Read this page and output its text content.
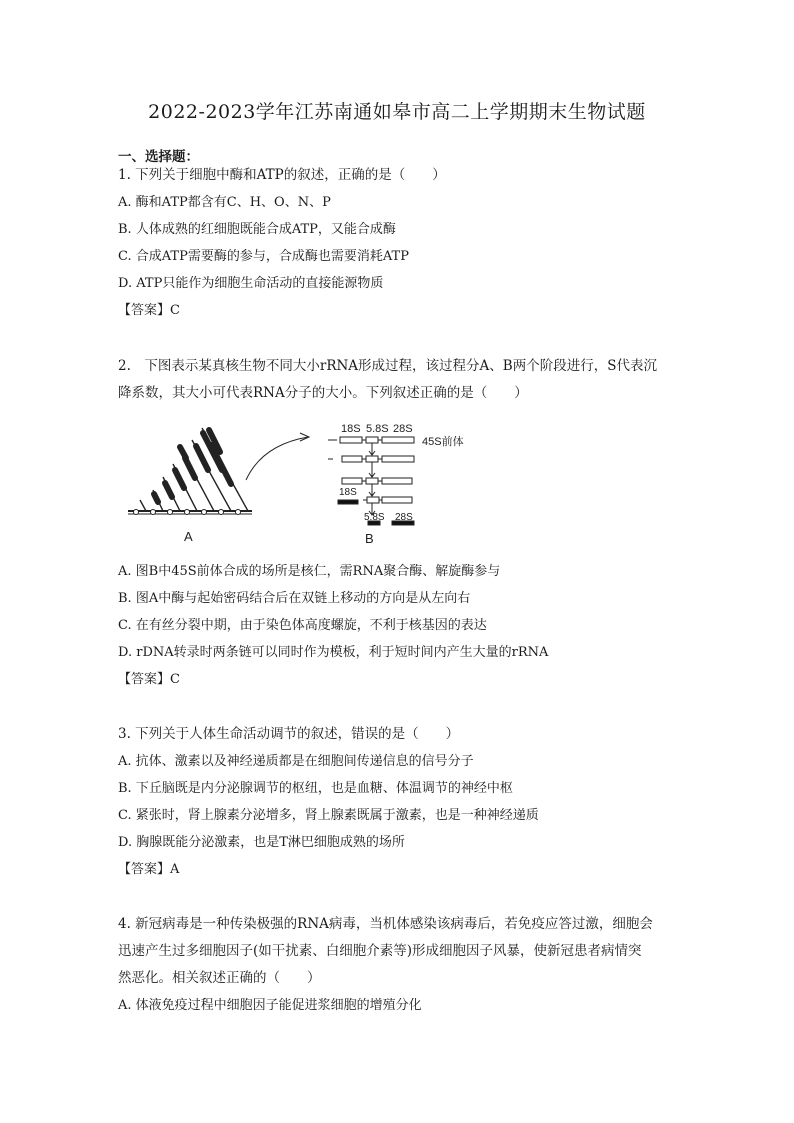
2022-2023学年江苏南通如皋市高二上学期期末生物试题
一、选择题：
1. 下列关于细胞中酶和ATP的叙述，正确的是（　　）
A. 酶和ATP都含有C、H、O、N、P
B. 人体成熟的红细胞既能合成ATP，又能合成酶
C. 合成ATP需要酶的参与，合成酶也需要消耗ATP
D. ATP只能作为细胞生命活动的直接能源物质
【答案】C
2.　下图表示某真核生物不同大小rRNA形成过程，该过程分A、B两个阶段进行，S代表沉
降系数，其大小可代表RNA分子的大小。下列叙述正确的是（　　）
A
18S 5.8S 28S
45S前体
18S
5.8S 28S
B
A. 图B中45S前体合成的场所是核仁，需RNA聚合酶、解旋酶参与
B. 图A中酶与起始密码结合后在双链上移动的方向是从左向右
C. 在有丝分裂中期，由于染色体高度螺旋，不利于核基因的表达
D. rDNA转录时两条链可以同时作为模板，利于短时间内产生大量的rRNA
【答案】C
3. 下列关于人体生命活动调节的叙述，错误的是（　　）
A. 抗体、激素以及神经递质都是在细胞间传递信息的信号分子
B. 下丘脑既是内分泌腺调节的枢纽，也是血糖、体温调节的神经中枢
C. 紧张时，肾上腺素分泌增多，肾上腺素既属于激素，也是一种神经递质
D. 胸腺既能分泌激素，也是T淋巴细胞成熟的场所
【答案】A
4. 新冠病毒是一种传染极强的RNA病毒，当机体感染该病毒后，若免疫应答过激，细胞会
迅速产生过多细胞因子(如干扰素、白细胞介素等)形成细胞因子风暴，使新冠患者病情突
然恶化。相关叙述正确的（　　）
A. 体液免疫过程中细胞因子能促进浆细胞的增殖分化
